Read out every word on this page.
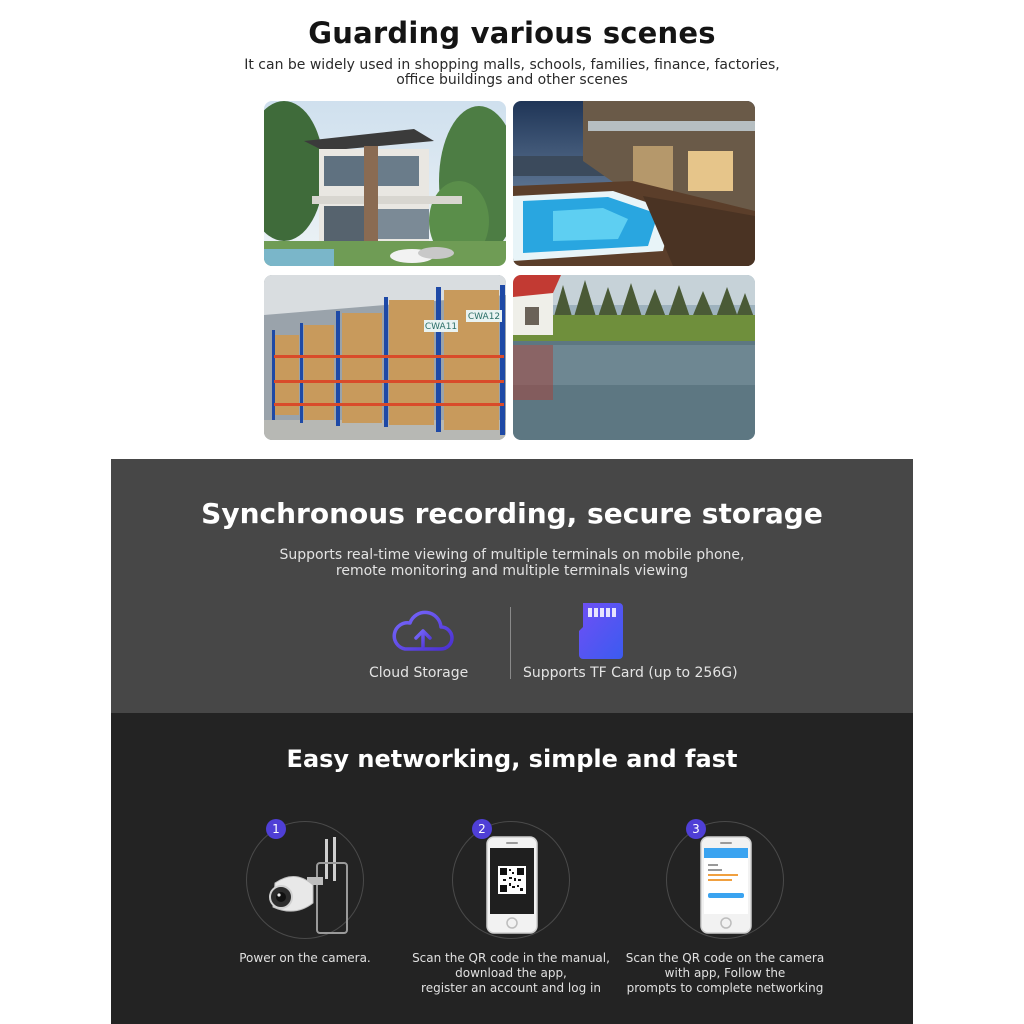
Guarding various scenes
It can be widely used in shopping malls, schools, families, finance, factories,
office buildings and other scenes
CWA11
CWA12
Synchronous recording, secure storage
Supports real-time viewing of multiple terminals on mobile phone,
remote monitoring and multiple terminals viewing
Cloud Storage	Supports TF Card (up to 256G)
Easy networking, simple and fast
1
Power on the camera.
2
Scan the QR code in the manual,
download the app,
register an account and log in
3
Scan the QR code on the camera
with app, Follow the
prompts to complete networking
